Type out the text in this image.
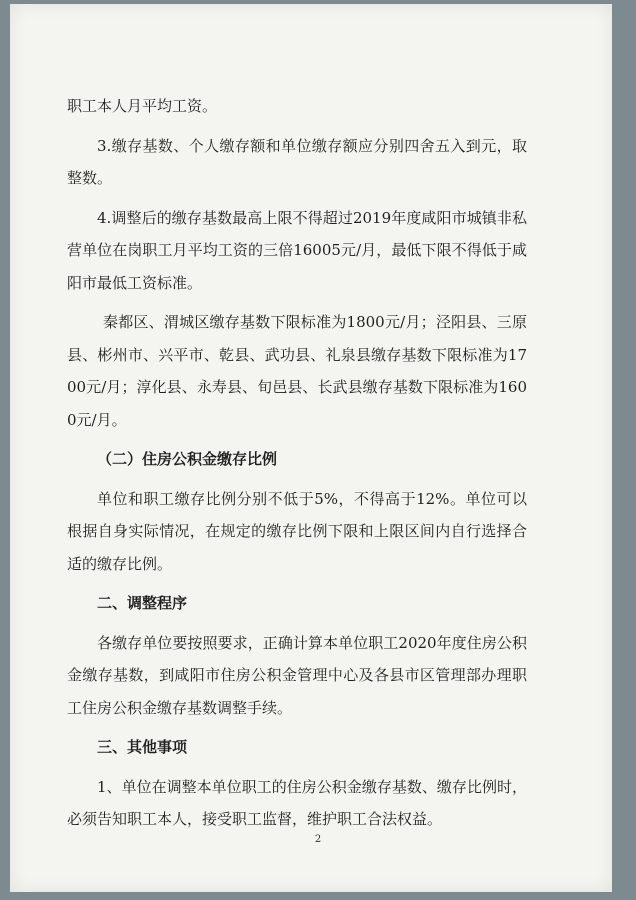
职工本人月平均工资。

3.缴存基数、个人缴存额和单位缴存额应分别四舍五入到元，取整数。

4.调整后的缴存基数最高上限不得超过2019年度咸阳市城镇非私营单位在岗职工月平均工资的三倍16005元/月，最低下限不得低于咸阳市最低工资标准。

秦都区、渭城区缴存基数下限标准为1800元/月；泾阳县、三原县、彬州市、兴平市、乾县、武功县、礼泉县缴存基数下限标准为1700元/月；淳化县、永寿县、旬邑县、长武县缴存基数下限标准为1600元/月。

（二）住房公积金缴存比例

单位和职工缴存比例分别不低于5%，不得高于12%。单位可以根据自身实际情况，在规定的缴存比例下限和上限区间内自行选择合适的缴存比例。

二、调整程序

各缴存单位要按照要求，正确计算本单位职工2020年度住房公积金缴存基数，到咸阳市住房公积金管理中心及各县市区管理部办理职工住房公积金缴存基数调整手续。

三、其他事项

1、单位在调整本单位职工的住房公积金缴存基数、缴存比例时，必须告知职工本人，接受职工监督，维护职工合法权益。

2
